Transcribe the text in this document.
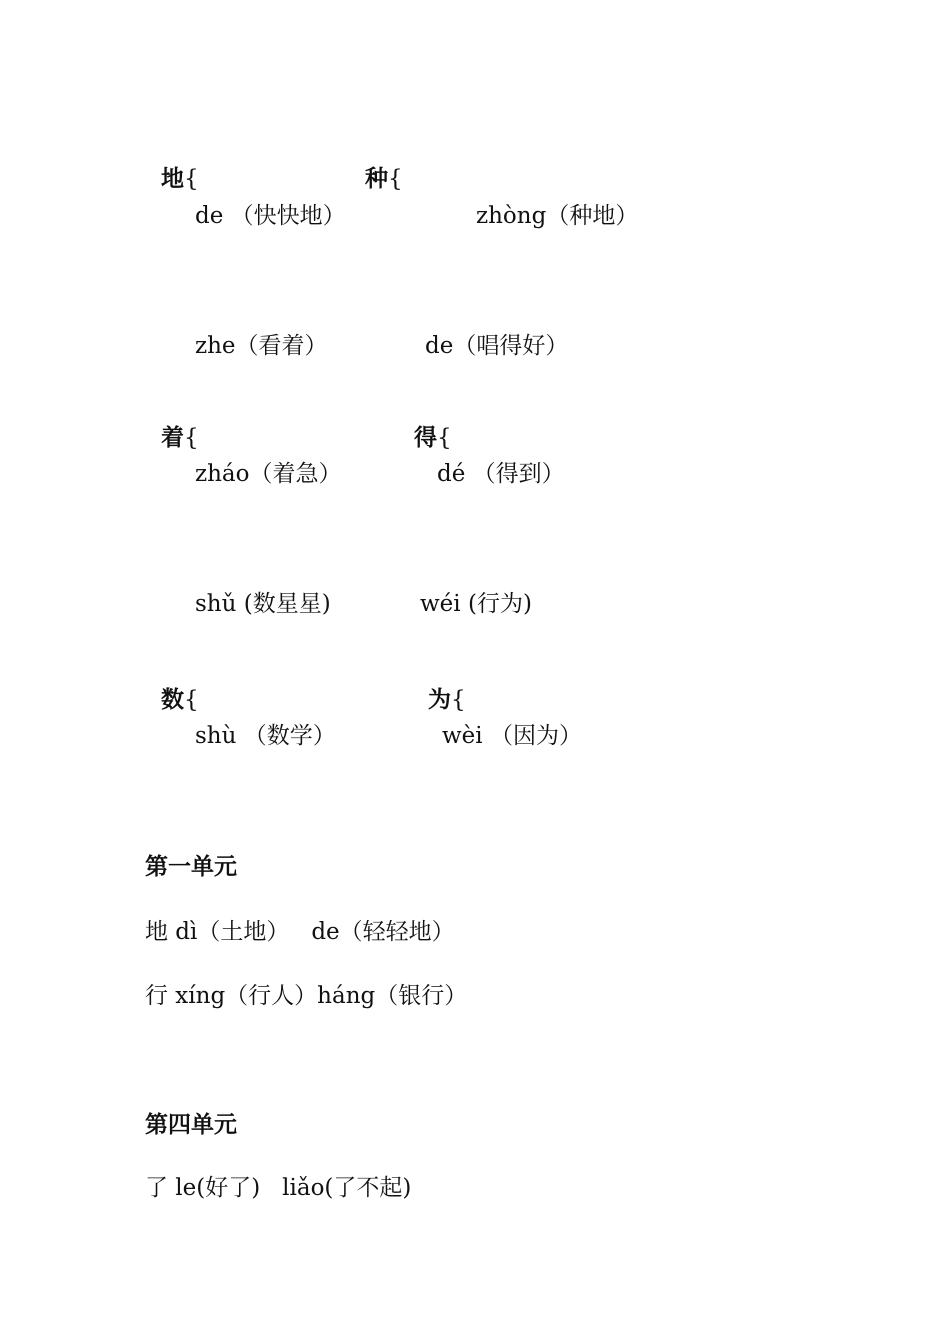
地{	种{

de （快快地）	zhòng（种地）
zhe（看着）	de（唱得好）

着{	得{

zháo（着急）	dé （得到）
shǔ (数星星)	wéi (行为)

数{	为{

shù （数学）	wèi （因为）
第一单元
地 dì（土地）   de（轻轻地）
行 xíng（行人）háng（银行）
第四单元
了 le(好了)   liǎo(了不起)
